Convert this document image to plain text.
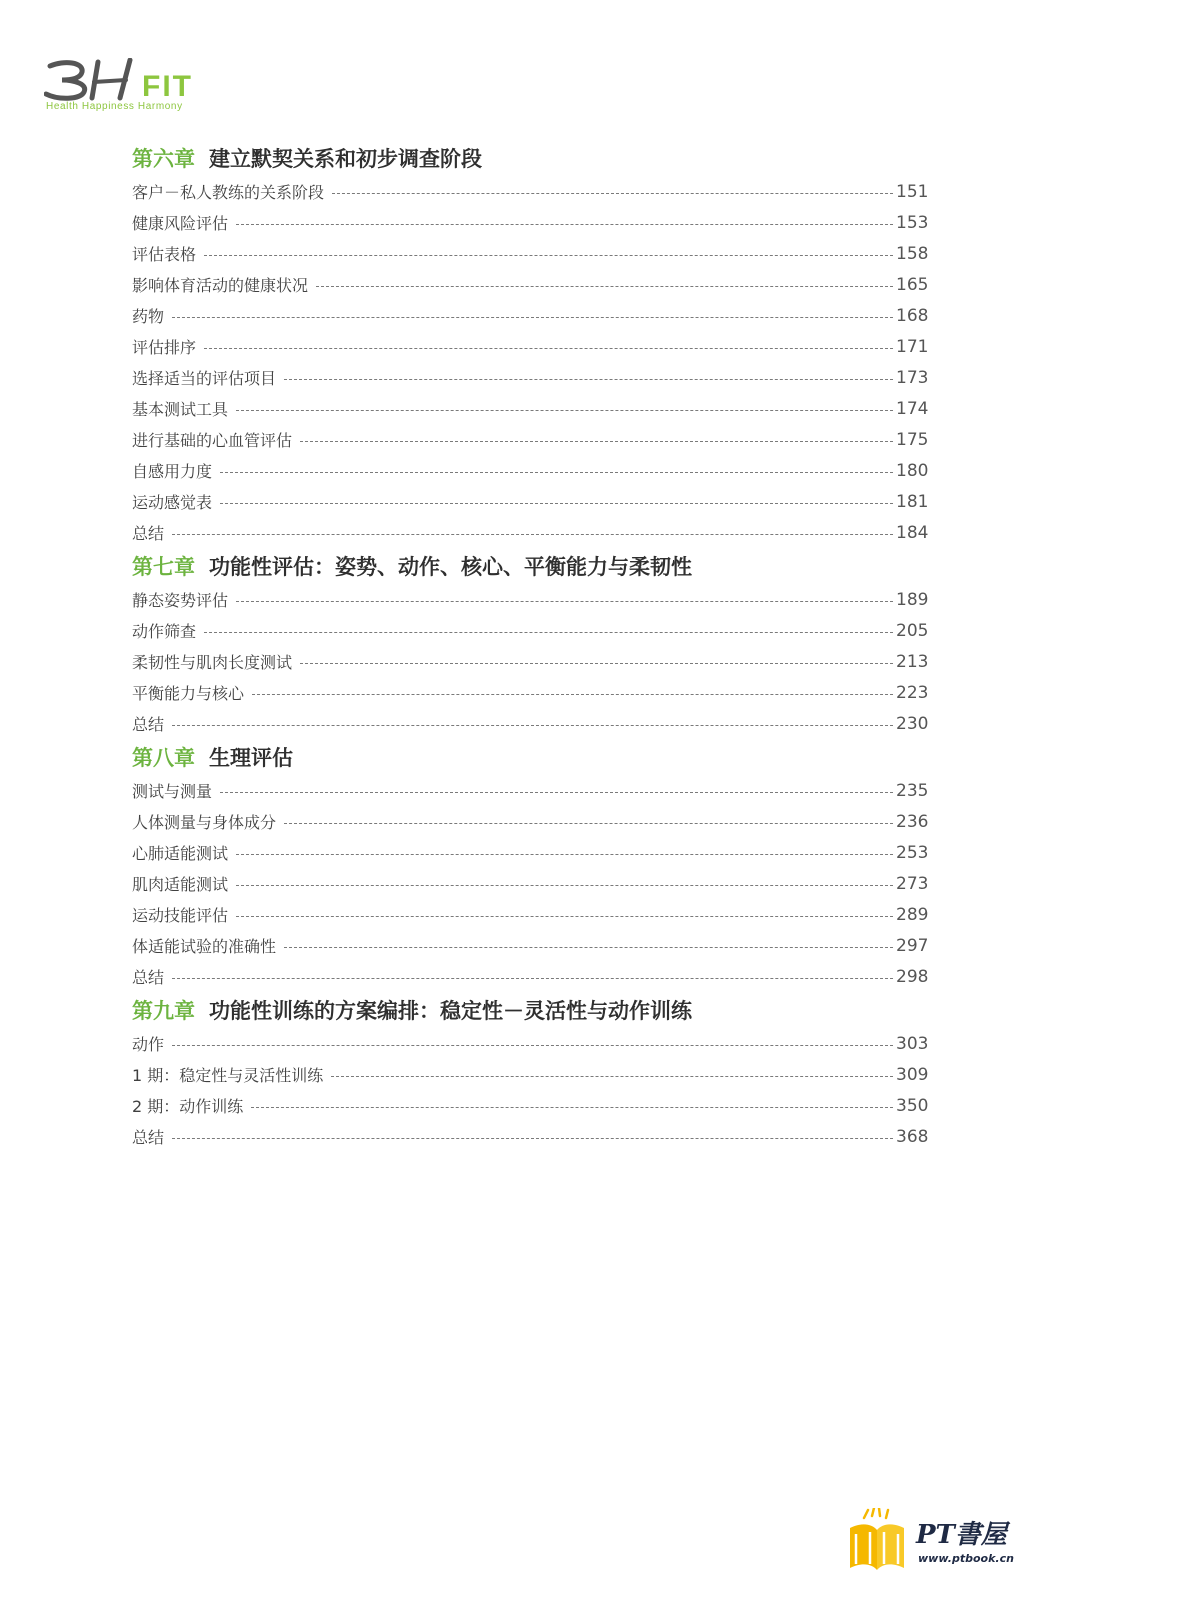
FIT
Health Happiness Harmony
第六章 建立默契关系和初步调查阶段
客户－私人教练的关系阶段	151
健康风险评估	153
评估表格	158
影响体育活动的健康状况	165
药物	168
评估排序	171
选择适当的评估项目	173
基本测试工具	174
进行基础的心血管评估	175
自感用力度	180
运动感觉表	181
总结	184
第七章 功能性评估：姿势、动作、核心、平衡能力与柔韧性
静态姿势评估	189
动作筛查	205
柔韧性与肌肉长度测试	213
平衡能力与核心	223
总结	230
第八章 生理评估
测试与测量	235
人体测量与身体成分	236
心肺适能测试	253
肌肉适能测试	273
运动技能评估	289
体适能试验的准确性	297
总结	298
第九章 功能性训练的方案编排：稳定性－灵活性与动作训练
动作	303
1 期：稳定性与灵活性训练	309
2 期：动作训练	350
总结	368
PT書屋
www.ptbook.cn
